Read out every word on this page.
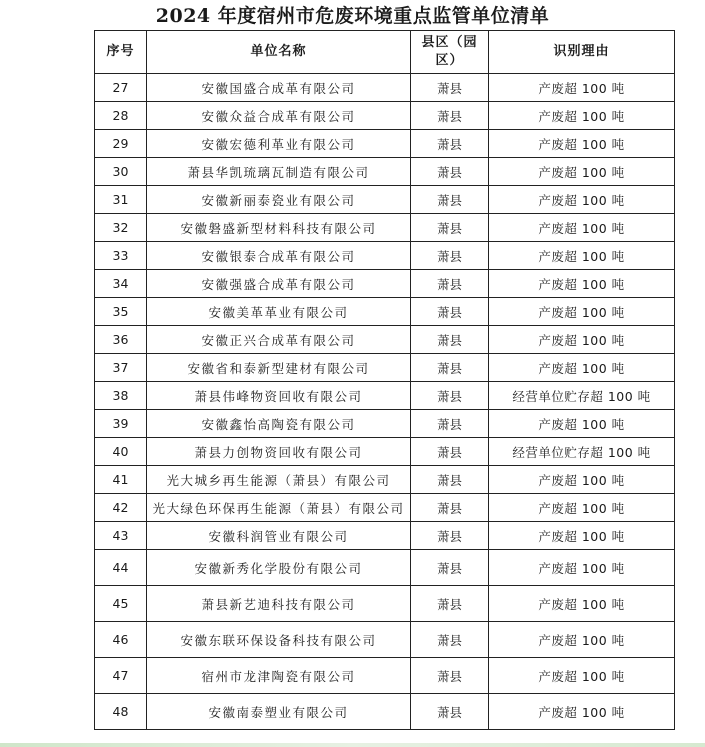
2024 年度宿州市危废环境重点监管单位清单
序号	单位名称	县区（园区）	识别理由
27	安徽国盛合成革有限公司	萧县	产废超 100 吨
28	安徽众益合成革有限公司	萧县	产废超 100 吨
29	安徽宏德利革业有限公司	萧县	产废超 100 吨
30	萧县华凯琉璃瓦制造有限公司	萧县	产废超 100 吨
31	安徽新丽泰瓷业有限公司	萧县	产废超 100 吨
32	安徽磐盛新型材料科技有限公司	萧县	产废超 100 吨
33	安徽银泰合成革有限公司	萧县	产废超 100 吨
34	安徽强盛合成革有限公司	萧县	产废超 100 吨
35	安徽美革革业有限公司	萧县	产废超 100 吨
36	安徽正兴合成革有限公司	萧县	产废超 100 吨
37	安徽省和泰新型建材有限公司	萧县	产废超 100 吨
38	萧县伟峰物资回收有限公司	萧县	经营单位贮存超 100 吨
39	安徽鑫怡高陶瓷有限公司	萧县	产废超 100 吨
40	萧县力创物资回收有限公司	萧县	经营单位贮存超 100 吨
41	光大城乡再生能源（萧县）有限公司	萧县	产废超 100 吨
42	光大绿色环保再生能源（萧县）有限公司	萧县	产废超 100 吨
43	安徽科润管业有限公司	萧县	产废超 100 吨
44	安徽新秀化学股份有限公司	萧县	产废超 100 吨
45	萧县新艺迪科技有限公司	萧县	产废超 100 吨
46	安徽东联环保设备科技有限公司	萧县	产废超 100 吨
47	宿州市龙津陶瓷有限公司	萧县	产废超 100 吨
48	安徽南泰塑业有限公司	萧县	产废超 100 吨
